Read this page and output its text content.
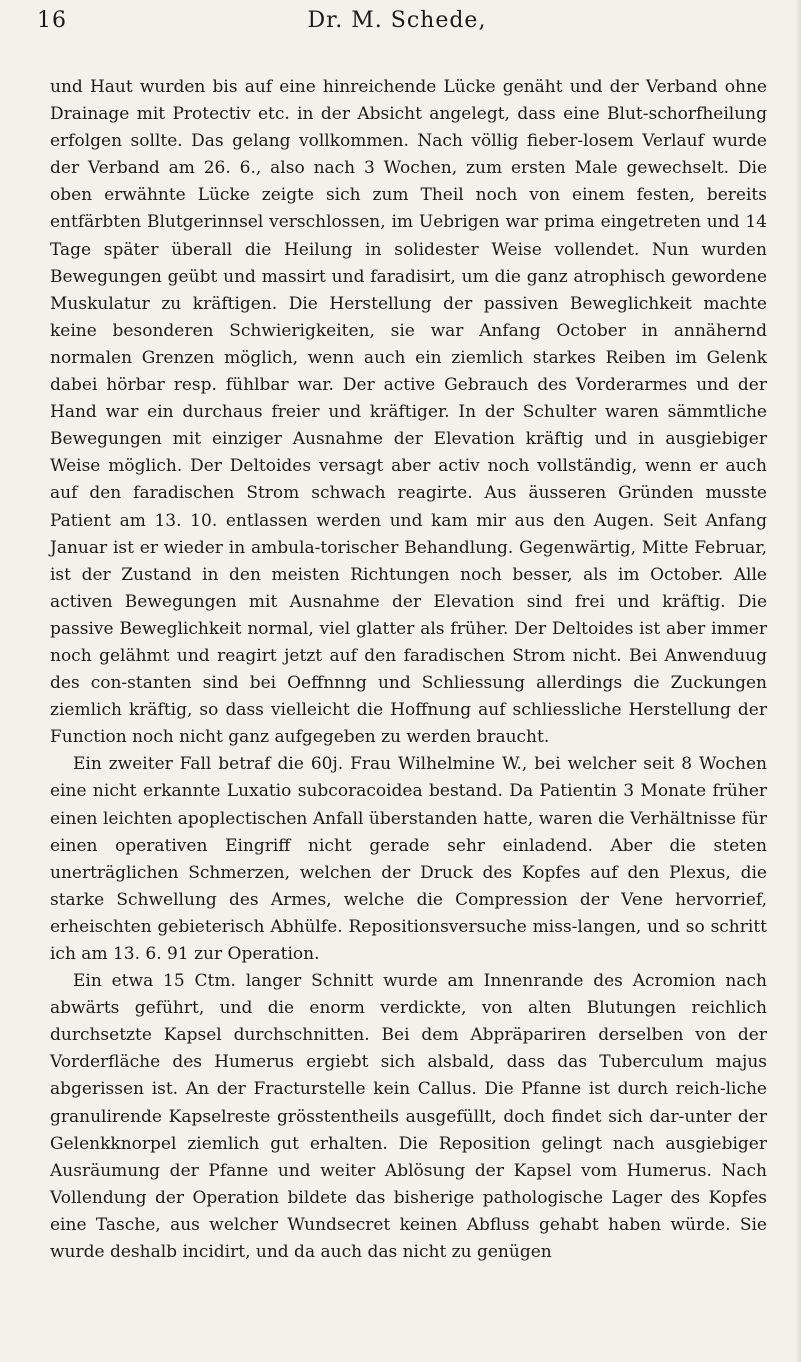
16	Dr. M. Schede,

und Haut wurden bis auf eine hinreichende Lücke genäht und der Verband ohne Drainage mit Protectiv etc. in der Absicht angelegt, dass eine Blut-schorfheilung erfolgen sollte. Das gelang vollkommen. Nach völlig fieber-losem Verlauf wurde der Verband am 26. 6., also nach 3 Wochen, zum ersten Male gewechselt. Die oben erwähnte Lücke zeigte sich zum Theil noch von einem festen, bereits entfärbten Blutgerinnsel verschlossen, im Uebrigen war prima eingetreten und 14 Tage später überall die Heilung in solidester Weise vollendet. Nun wurden Bewegungen geübt und massirt und faradisirt, um die ganz atrophisch gewordene Muskulatur zu kräftigen. Die Herstellung der passiven Beweglichkeit machte keine besonderen Schwierigkeiten, sie war Anfang October in annähernd normalen Grenzen möglich, wenn auch ein ziemlich starkes Reiben im Gelenk dabei hörbar resp. fühlbar war. Der active Gebrauch des Vorderarmes und der Hand war ein durchaus freier und kräftiger. In der Schulter waren sämmtliche Bewegungen mit einziger Ausnahme der Elevation kräftig und in ausgiebiger Weise möglich. Der Deltoides versagt aber activ noch vollständig, wenn er auch auf den faradischen Strom schwach reagirte. Aus äusseren Gründen musste Patient am 13. 10. entlassen werden und kam mir aus den Augen. Seit Anfang Januar ist er wieder in ambula-torischer Behandlung. Gegenwärtig, Mitte Februar, ist der Zustand in den meisten Richtungen noch besser, als im October. Alle activen Bewegungen mit Ausnahme der Elevation sind frei und kräftig. Die passive Beweglichkeit normal, viel glatter als früher. Der Deltoides ist aber immer noch gelähmt und reagirt jetzt auf den faradischen Strom nicht. Bei Anwenduug des con-stanten sind bei Oeffnnng und Schliessung allerdings die Zuckungen ziemlich kräftig, so dass vielleicht die Hoffnung auf schliessliche Herstellung der Function noch nicht ganz aufgegeben zu werden braucht.

Ein zweiter Fall betraf die 60j. Frau Wilhelmine W., bei welcher seit 8 Wochen eine nicht erkannte Luxatio subcoracoidea bestand. Da Patientin 3 Monate früher einen leichten apoplectischen Anfall überstanden hatte, waren die Verhältnisse für einen operativen Eingriff nicht gerade sehr einladend. Aber die steten unerträglichen Schmerzen, welchen der Druck des Kopfes auf den Plexus, die starke Schwellung des Armes, welche die Compression der Vene hervorrief, erheischten gebieterisch Abhülfe. Repositionsversuche miss-langen, und so schritt ich am 13. 6. 91 zur Operation.

Ein etwa 15 Ctm. langer Schnitt wurde am Innenrande des Acromion nach abwärts geführt, und die enorm verdickte, von alten Blutungen reichlich durchsetzte Kapsel durchschnitten. Bei dem Abpräpariren derselben von der Vorderfläche des Humerus ergiebt sich alsbald, dass das Tuberculum majus abgerissen ist. An der Fracturstelle kein Callus. Die Pfanne ist durch reich-liche granulirende Kapselreste grösstentheils ausgefüllt, doch findet sich dar-unter der Gelenkknorpel ziemlich gut erhalten. Die Reposition gelingt nach ausgiebiger Ausräumung der Pfanne und weiter Ablösung der Kapsel vom Humerus. Nach Vollendung der Operation bildete das bisherige pathologische Lager des Kopfes eine Tasche, aus welcher Wundsecret keinen Abfluss gehabt haben würde. Sie wurde deshalb incidirt, und da auch das nicht zu genügen
